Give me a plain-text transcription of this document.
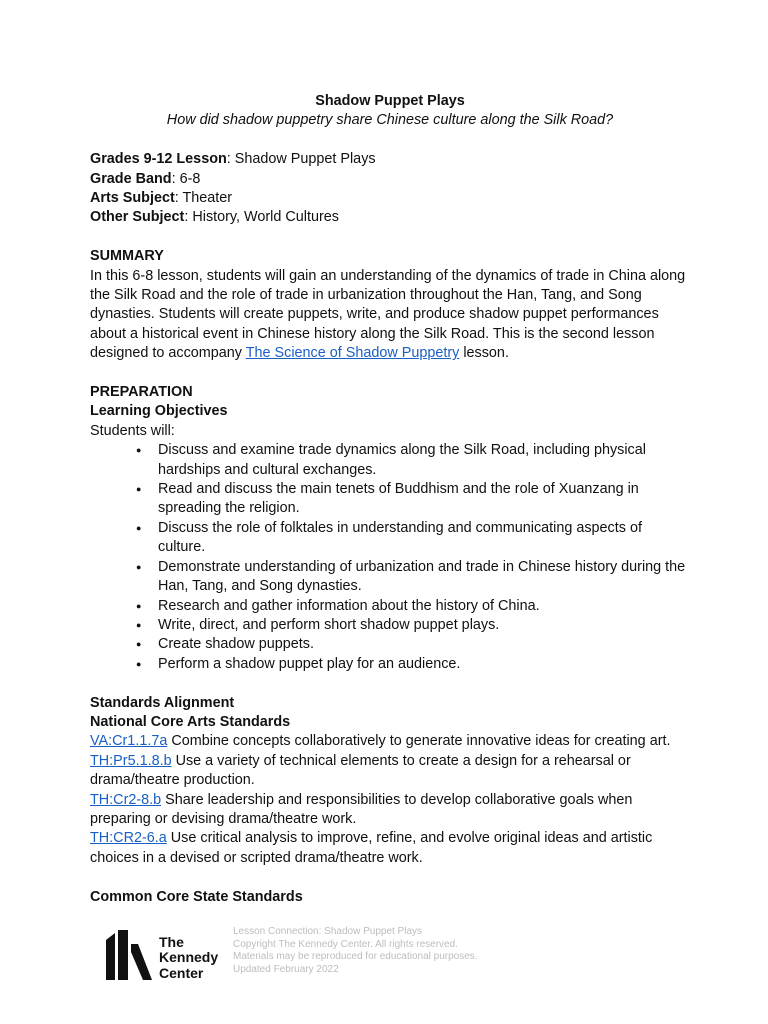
Shadow Puppet Plays
How did shadow puppetry share Chinese culture along the Silk Road?
Grades 9-12 Lesson: Shadow Puppet Plays
Grade Band: 6-8
Arts Subject: Theater
Other Subject: History, World Cultures
SUMMARY
In this 6-8 lesson, students will gain an understanding of the dynamics of trade in China along the Silk Road and the role of trade in urbanization throughout the Han, Tang, and Song dynasties. Students will create puppets, write, and produce shadow puppet performances about a historical event in Chinese history along the Silk Road. This is the second lesson designed to accompany The Science of Shadow Puppetry lesson.
PREPARATION
Learning Objectives
Students will:
● Discuss and examine trade dynamics along the Silk Road, including physical hardships and cultural exchanges.
● Read and discuss the main tenets of Buddhism and the role of Xuanzang in spreading the religion.
● Discuss the role of folktales in understanding and communicating aspects of culture.
● Demonstrate understanding of urbanization and trade in Chinese history during the Han, Tang, and Song dynasties.
● Research and gather information about the history of China.
● Write, direct, and perform short shadow puppet plays.
● Create shadow puppets.
● Perform a shadow puppet play for an audience.
Standards Alignment
National Core Arts Standards
VA:Cr1.1.7a Combine concepts collaboratively to generate innovative ideas for creating art.
TH:Pr5.1.8.b Use a variety of technical elements to create a design for a rehearsal or drama/theatre production.
TH:Cr2-8.b Share leadership and responsibilities to develop collaborative goals when preparing or devising drama/theatre work.
TH:CR2-6.a Use critical analysis to improve, refine, and evolve original ideas and artistic choices in a devised or scripted drama/theatre work.
Common Core State Standards
The
Kennedy
Center
Lesson Connection: Shadow Puppet Plays
Copyright The Kennedy Center. All rights reserved.
Materials may be reproduced for educational purposes.
Updated February 2022
